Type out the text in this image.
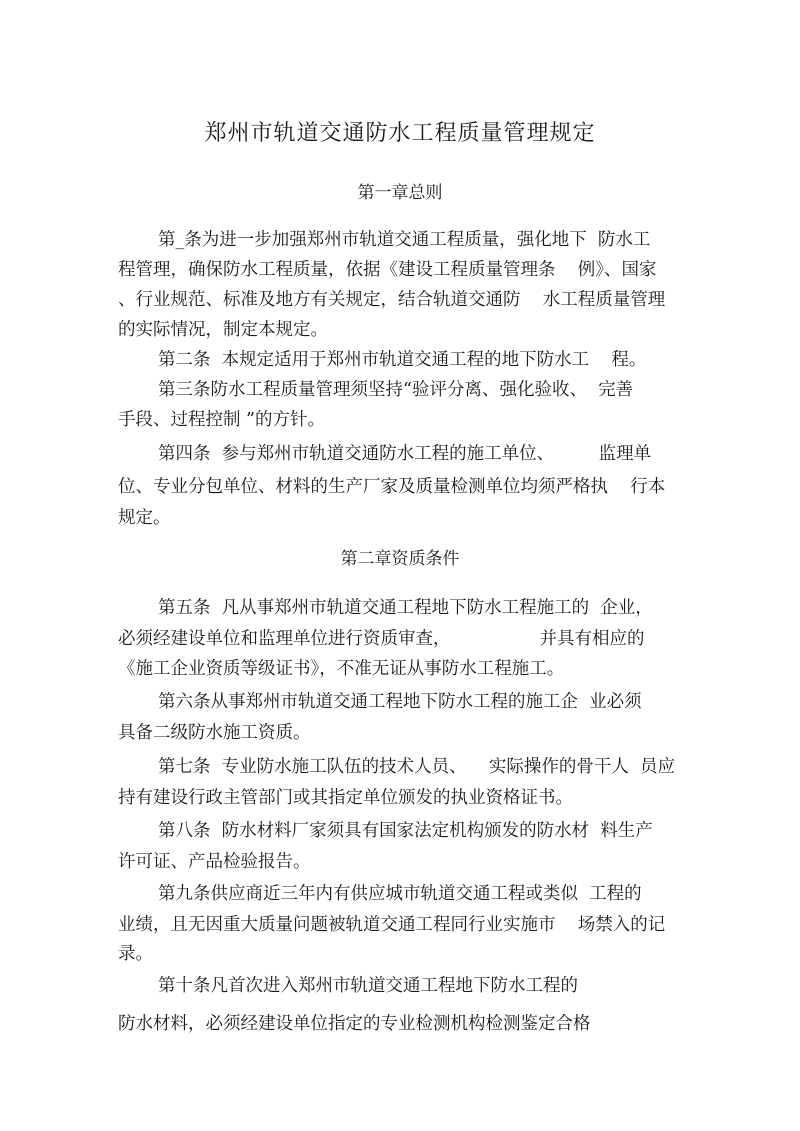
郑州市轨道交通防水工程质量管理规定
第一章总则
第_条为进一步加强郑州市轨道交通工程质量，强化地下  防水工
程管理，确保防水工程质量，依据《建设工程质量管理条    例》、国家
、行业规范、标准及地方有关规定，结合轨道交通防    水工程质量管理
的实际情况，制定本规定。
第二条  本规定适用于郑州市轨道交通工程的地下防水工    程。
第三条防水工程质量管理须坚持“验评分离、强化验收、  完善
手段、过程控制 ”的方针。
第四条  参与郑州市轨道交通防水工程的施工单位、        监理单
位、专业分包单位、材料的生产厂家及质量检测单位均须严格执    行本
规定。
第二章资质条件
第五条  凡从事郑州市轨道交通工程地下防水工程施工的  企业，
必须经建设单位和监理单位进行资质审查，                并具有相应的
《施工企业资质等级证书》，不准无证从事防水工程施工。
第六条从事郑州市轨道交通工程地下防水工程的施工企  业必须
具备二级防水施工资质。
第七条  专业防水施工队伍的技术人员、    实际操作的骨干人  员应
持有建设行政主管部门或其指定单位颁发的执业资格证书。
第八条  防水材料厂家须具有国家法定机构颁发的防水材  料生产
许可证、产品检验报告。
第九条供应商近三年内有供应城市轨道交通工程或类似  工程的
业绩，且无因重大质量问题被轨道交通工程同行业实施市    场禁入的记
录。
第十条凡首次进入郑州市轨道交通工程地下防水工程的
防水材料，必须经建设单位指定的专业检测机构检测鉴定合格
